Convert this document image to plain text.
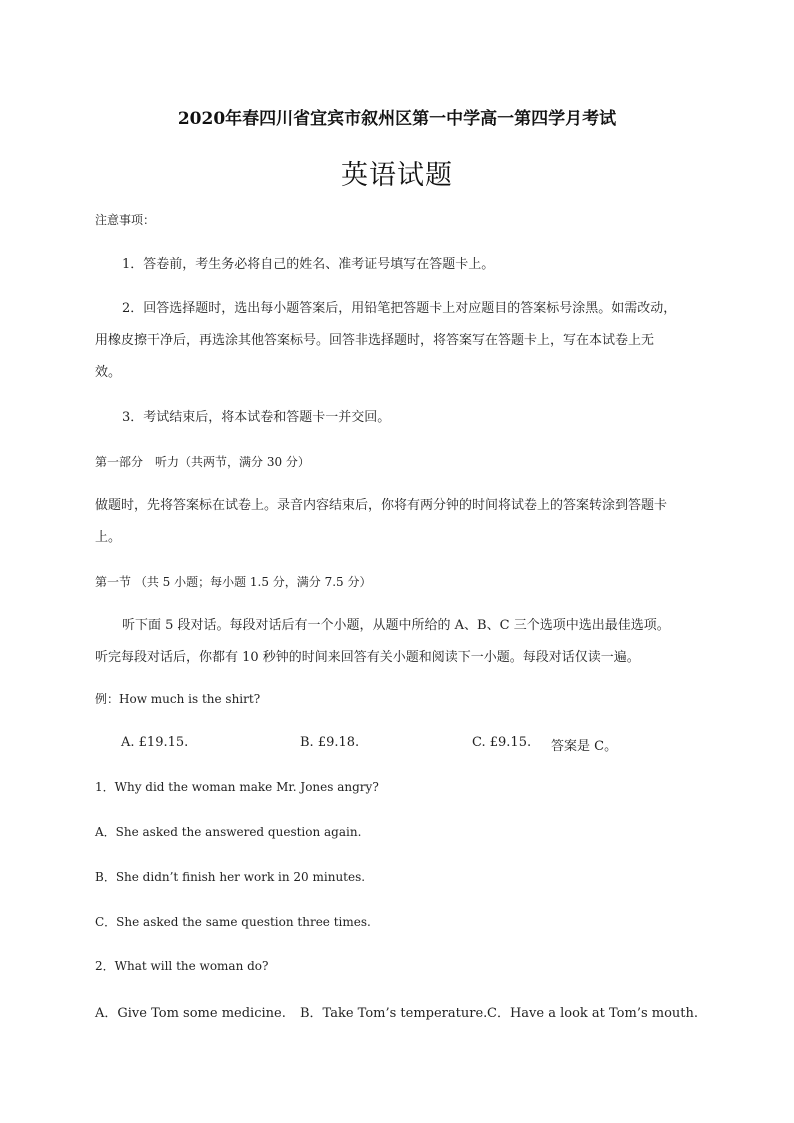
2020年春四川省宜宾市叙州区第一中学高一第四学月考试
英语试题
注意事项：
1．答卷前，考生务必将自己的姓名、准考证号填写在答题卡上。
2．回答选择题时，选出每小题答案后，用铅笔把答题卡上对应题目的答案标号涂黑。如需改动，
用橡皮擦干净后，再选涂其他答案标号。回答非选择题时，将答案写在答题卡上，写在本试卷上无
效。
3．考试结束后，将本试卷和答题卡一并交回。
第一部分　听力（共两节，满分 30 分）
做题时，先将答案标在试卷上。录音内容结束后，你将有两分钟的时间将试卷上的答案转涂到答题卡
上。
第一节 （共 5 小题；每小题 1.5 分，满分 7.5 分）
听下面 5 段对话。每段对话后有一个小题，从题中所给的 A、B、C 三个选项中选出最佳选项。
听完每段对话后，你都有 10 秒钟的时间来回答有关小题和阅读下一小题。每段对话仅读一遍。
例：How much is the shirt?
A. £19.15.	B. £9.18.	C. £9.15. 答案是 C。
1．Why did the woman make Mr. Jones angry?
A．She asked the answered question again.
B．She didn’t finish her work in 20 minutes.
C．She asked the same question three times.
2．What will the woman do?
A．Give Tom some medicine. B．Take Tom’s temperature. C．Have a look at Tom’s mouth.
